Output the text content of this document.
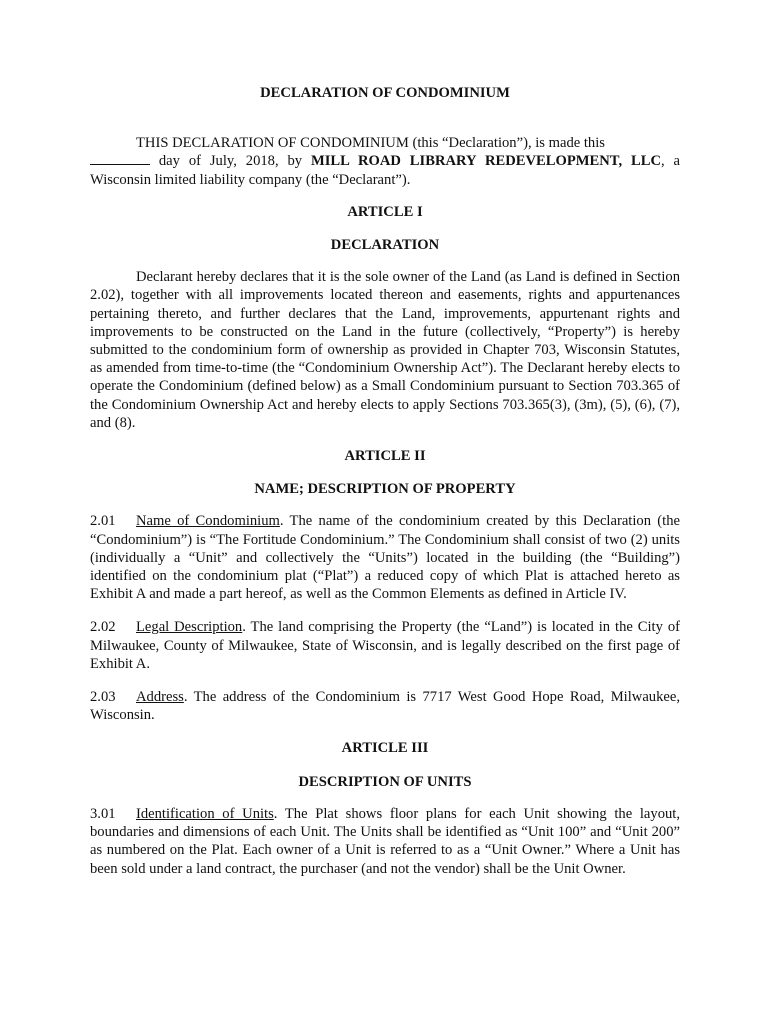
DECLARATION OF CONDOMINIUM

THIS DECLARATION OF CONDOMINIUM (this “Declaration”), is made this
day of July, 2018, by MILL ROAD LIBRARY REDEVELOPMENT, LLC, a Wisconsin limited liability company (the “Declarant”).

ARTICLE I

DECLARATION

Declarant hereby declares that it is the sole owner of the Land (as Land is defined in Section 2.02), together with all improvements located thereon and easements, rights and appurtenances pertaining thereto, and further declares that the Land, improvements, appurtenant rights and improvements to be constructed on the Land in the future (collectively, “Property”) is hereby submitted to the condominium form of ownership as provided in Chapter 703, Wisconsin Statutes, as amended from time-to-time (the “Condominium Ownership Act”). The Declarant hereby elects to operate the Condominium (defined below) as a Small Condominium pursuant to Section 703.365 of the Condominium Ownership Act and hereby elects to apply Sections 703.365(3), (3m), (5), (6), (7), and (8).

ARTICLE II

NAME; DESCRIPTION OF PROPERTY

2.01 Name of Condominium. The name of the condominium created by this Declaration (the “Condominium”) is “The Fortitude Condominium.” The Condominium shall consist of two (2) units (individually a “Unit” and collectively the “Units”) located in the building (the “Building”) identified on the condominium plat (“Plat”) a reduced copy of which Plat is attached hereto as Exhibit A and made a part hereof, as well as the Common Elements as defined in Article IV.

2.02 Legal Description. The land comprising the Property (the “Land”) is located in the City of Milwaukee, County of Milwaukee, State of Wisconsin, and is legally described on the first page of Exhibit A.

2.03 Address. The address of the Condominium is 7717 West Good Hope Road, Milwaukee, Wisconsin.

ARTICLE III

DESCRIPTION OF UNITS

3.01 Identification of Units. The Plat shows floor plans for each Unit showing the layout, boundaries and dimensions of each Unit. The Units shall be identified as “Unit 100” and “Unit 200” as numbered on the Plat. Each owner of a Unit is referred to as a “Unit Owner.” Where a Unit has been sold under a land contract, the purchaser (and not the vendor) shall be the Unit Owner.
